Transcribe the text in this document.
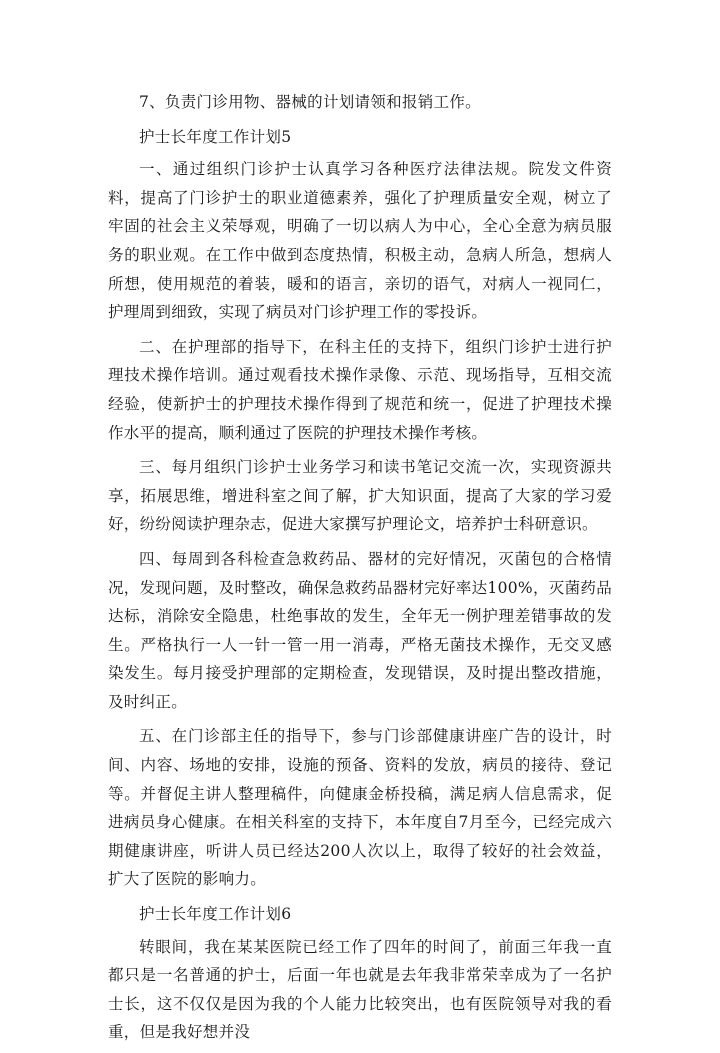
7、负责门诊用物、器械的计划请领和报销工作。

护士长年度工作计划5

一、通过组织门诊护士认真学习各种医疗法律法规。院发文件资料，提高了门诊护士的职业道德素养，强化了护理质量安全观，树立了牢固的社会主义荣辱观，明确了一切以病人为中心，全心全意为病员服务的职业观。在工作中做到态度热情，积极主动，急病人所急，想病人所想，使用规范的着装，暖和的语言，亲切的语气，对病人一视同仁，护理周到细致，实现了病员对门诊护理工作的零投诉。

二、在护理部的指导下，在科主任的支持下，组织门诊护士进行护理技术操作培训。通过观看技术操作录像、示范、现场指导，互相交流经验，使新护士的护理技术操作得到了规范和统一，促进了护理技术操作水平的提高，顺利通过了医院的护理技术操作考核。

三、每月组织门诊护士业务学习和读书笔记交流一次，实现资源共享，拓展思维，增进科室之间了解，扩大知识面，提高了大家的学习爱好，纷纷阅读护理杂志，促进大家撰写护理论文，培养护士科研意识。

四、每周到各科检查急救药品、器材的完好情况，灭菌包的合格情况，发现问题，及时整改，确保急救药品器材完好率达100%，灭菌药品达标，消除安全隐患，杜绝事故的发生，全年无一例护理差错事故的发生。严格执行一人一针一管一用一消毒，严格无菌技术操作，无交叉感染发生。每月接受护理部的定期检查，发现错误，及时提出整改措施，及时纠正。

五、在门诊部主任的指导下，参与门诊部健康讲座广告的设计，时间、内容、场地的安排，设施的预备、资料的发放，病员的接待、登记等。并督促主讲人整理稿件，向健康金桥投稿，满足病人信息需求，促进病员身心健康。在相关科室的支持下，本年度自7月至今，已经完成六期健康讲座，听讲人员已经达200人次以上，取得了较好的社会效益，扩大了医院的影响力。

护士长年度工作计划6

转眼间，我在某某医院已经工作了四年的时间了，前面三年我一直都只是一名普通的护士，后面一年也就是去年我非常荣幸成为了一名护士长，这不仅仅是因为我的个人能力比较突出，也有医院领导对我的看重，但是我好想并没
